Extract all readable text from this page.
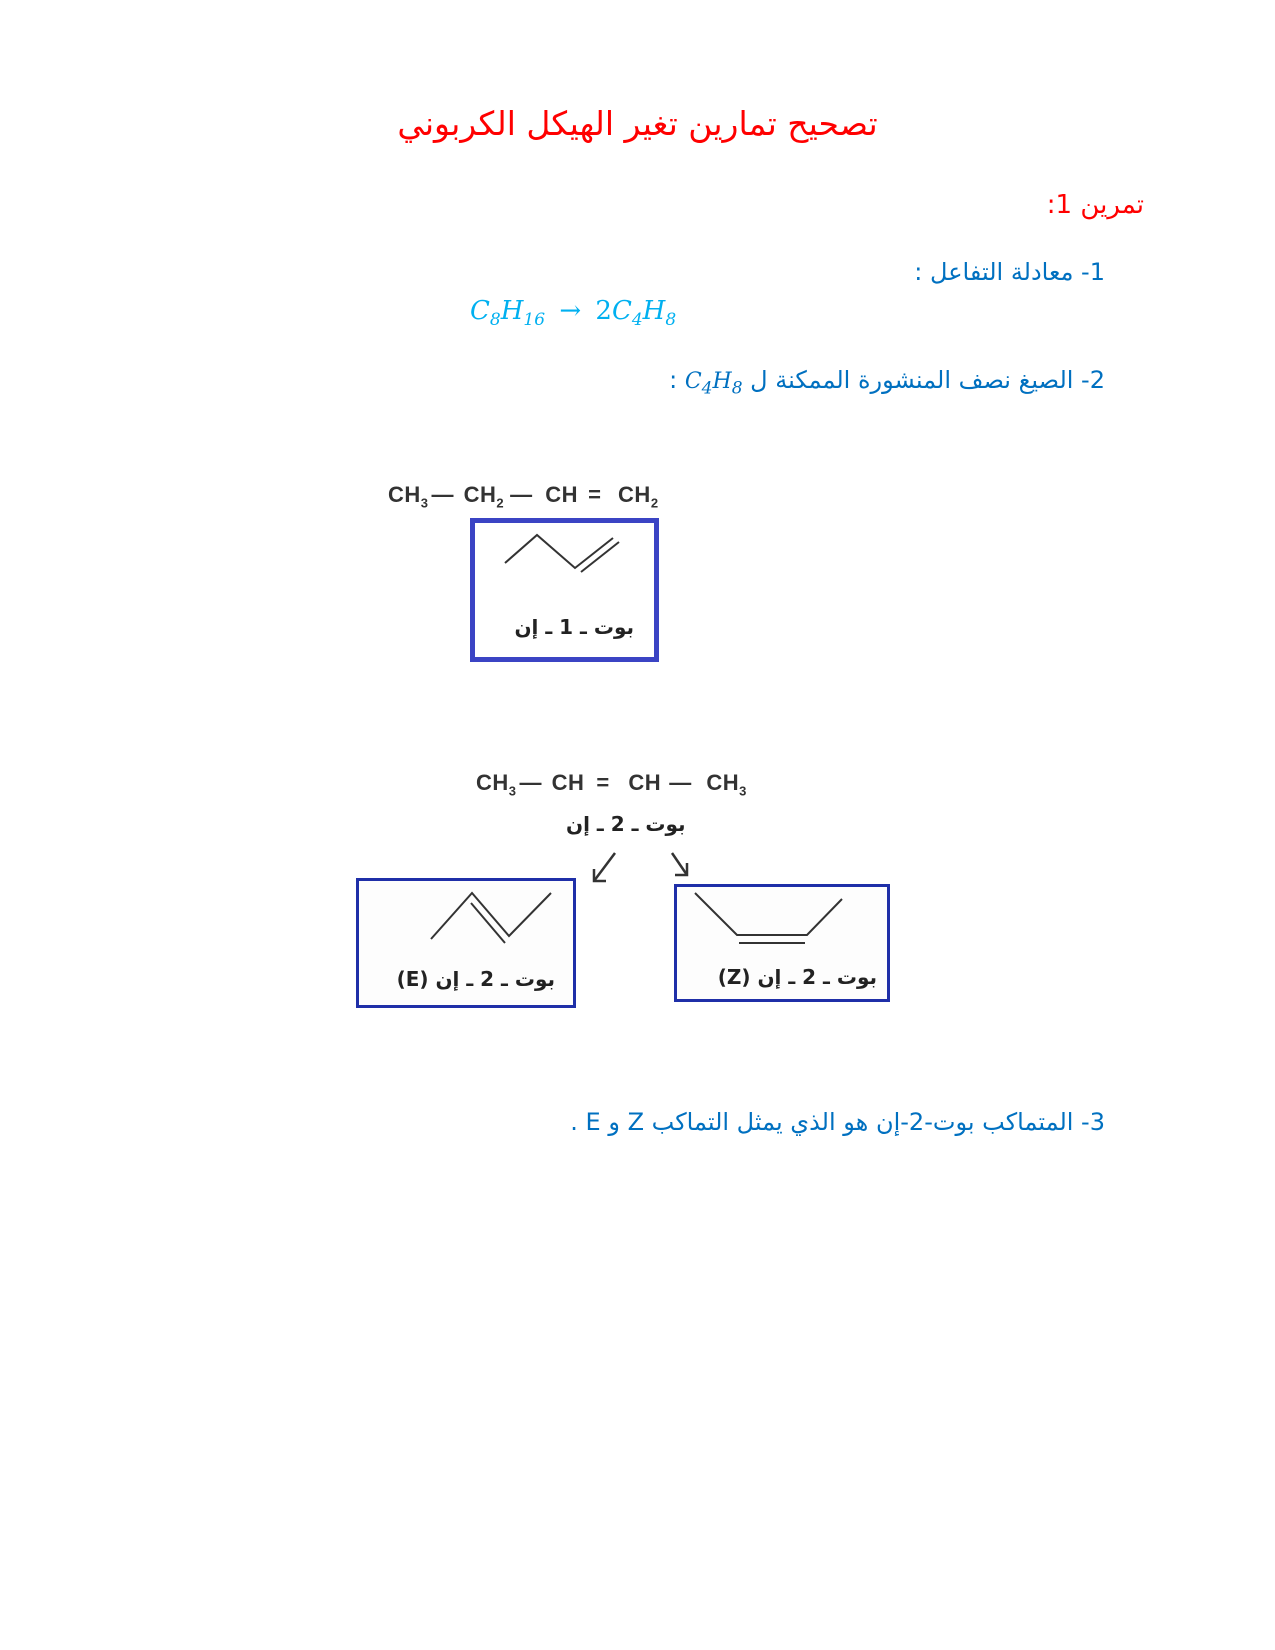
تصحيح تمارين تغير الهيكل الكربوني
تمرين 1:
1- معادلة التفاعل :
$C_8H_{16} \to 2C_4H_8$
2- الصيغ نصف المنشورة الممكنة ل $C_4H_8$ :
$CH_3$ — $CH_2$ — CH = $CH_2$
بوت ـ 1 ـ إن
$CH_3$ — CH = CH — $CH_3$
بوت ـ 2 ـ إن
(E) بوت ـ 2 ـ إن	(Z) بوت ـ 2 ـ إن
3- المتماكب بوت-2-إن هو الذي يمثل التماكب Z و E .
